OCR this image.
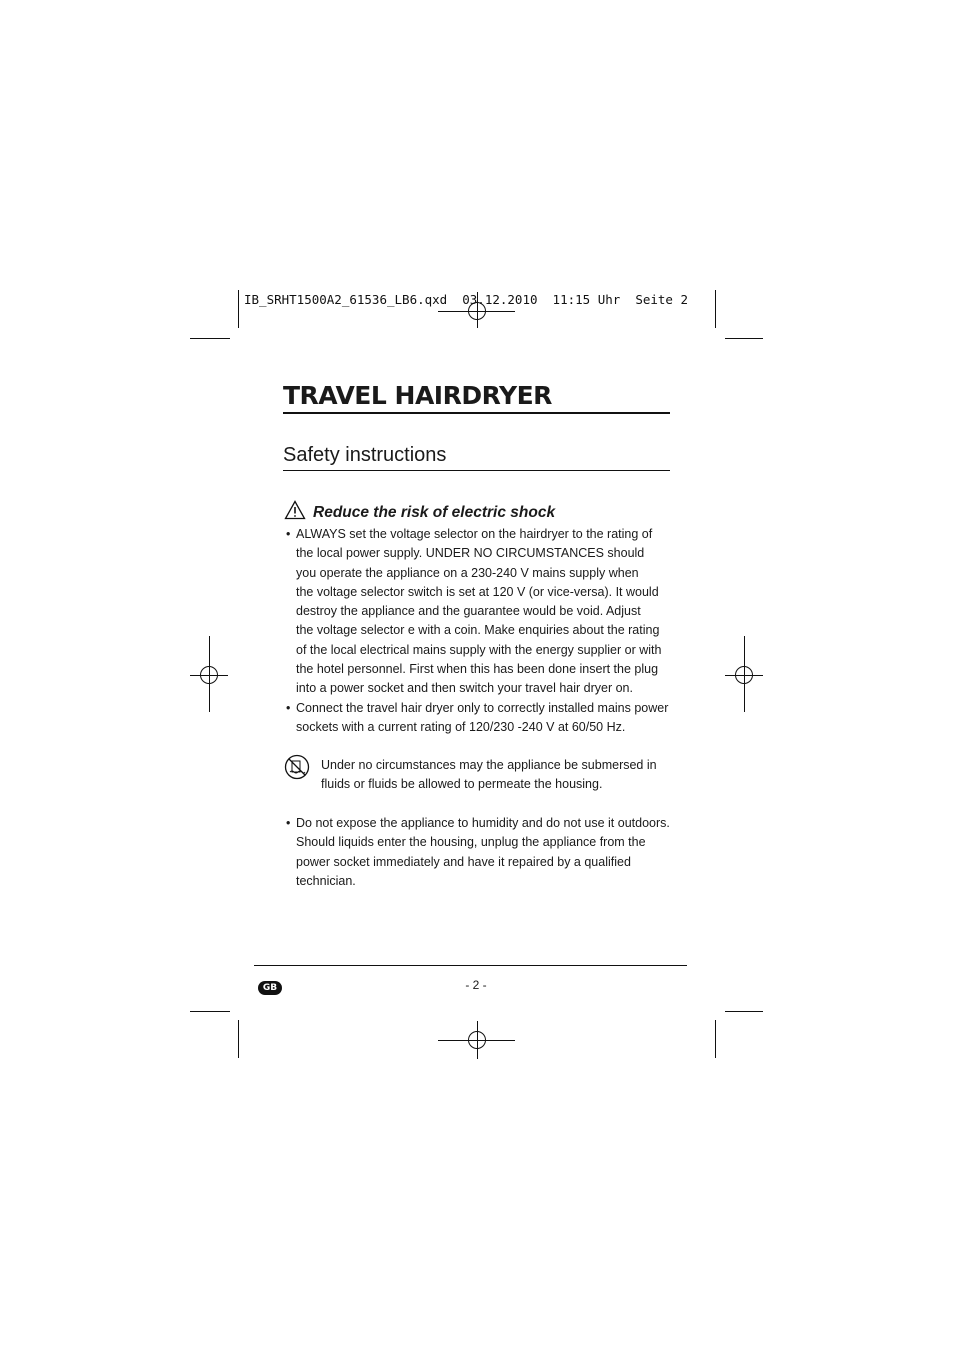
IB_SRHT1500A2_61536_LB6.qxd  03.12.2010  11:15 Uhr  Seite 2
TRAVEL HAIRDRYER
Safety instructions
Reduce the risk of electric shock
• ALWAYS set the voltage selector on the hairdryer to the rating of
the local power supply. UNDER NO CIRCUMSTANCES should
you operate the appliance on a 230-240 V mains supply when
the voltage selector switch is set at 120 V (or vice-versa). It would
destroy the appliance and the guarantee would be void. Adjust
the voltage selector e with a coin. Make enquiries about the rating
of the local electrical mains supply with the energy supplier or with
the hotel personnel. First when this has been done insert the plug
into a power socket and then switch your travel hair dryer on.
• Connect the travel hair dryer only to correctly installed mains power
sockets with a current rating of 120/230 -240 V at 60/50 Hz.
Under no circumstances may the appliance be submersed in
fluids or fluids be allowed to permeate the housing.
• Do not expose the appliance to humidity and do not use it outdoors.
Should liquids enter the housing, unplug the appliance from the
power socket immediately and have it repaired by a qualified
technician.
GB	- 2 -
